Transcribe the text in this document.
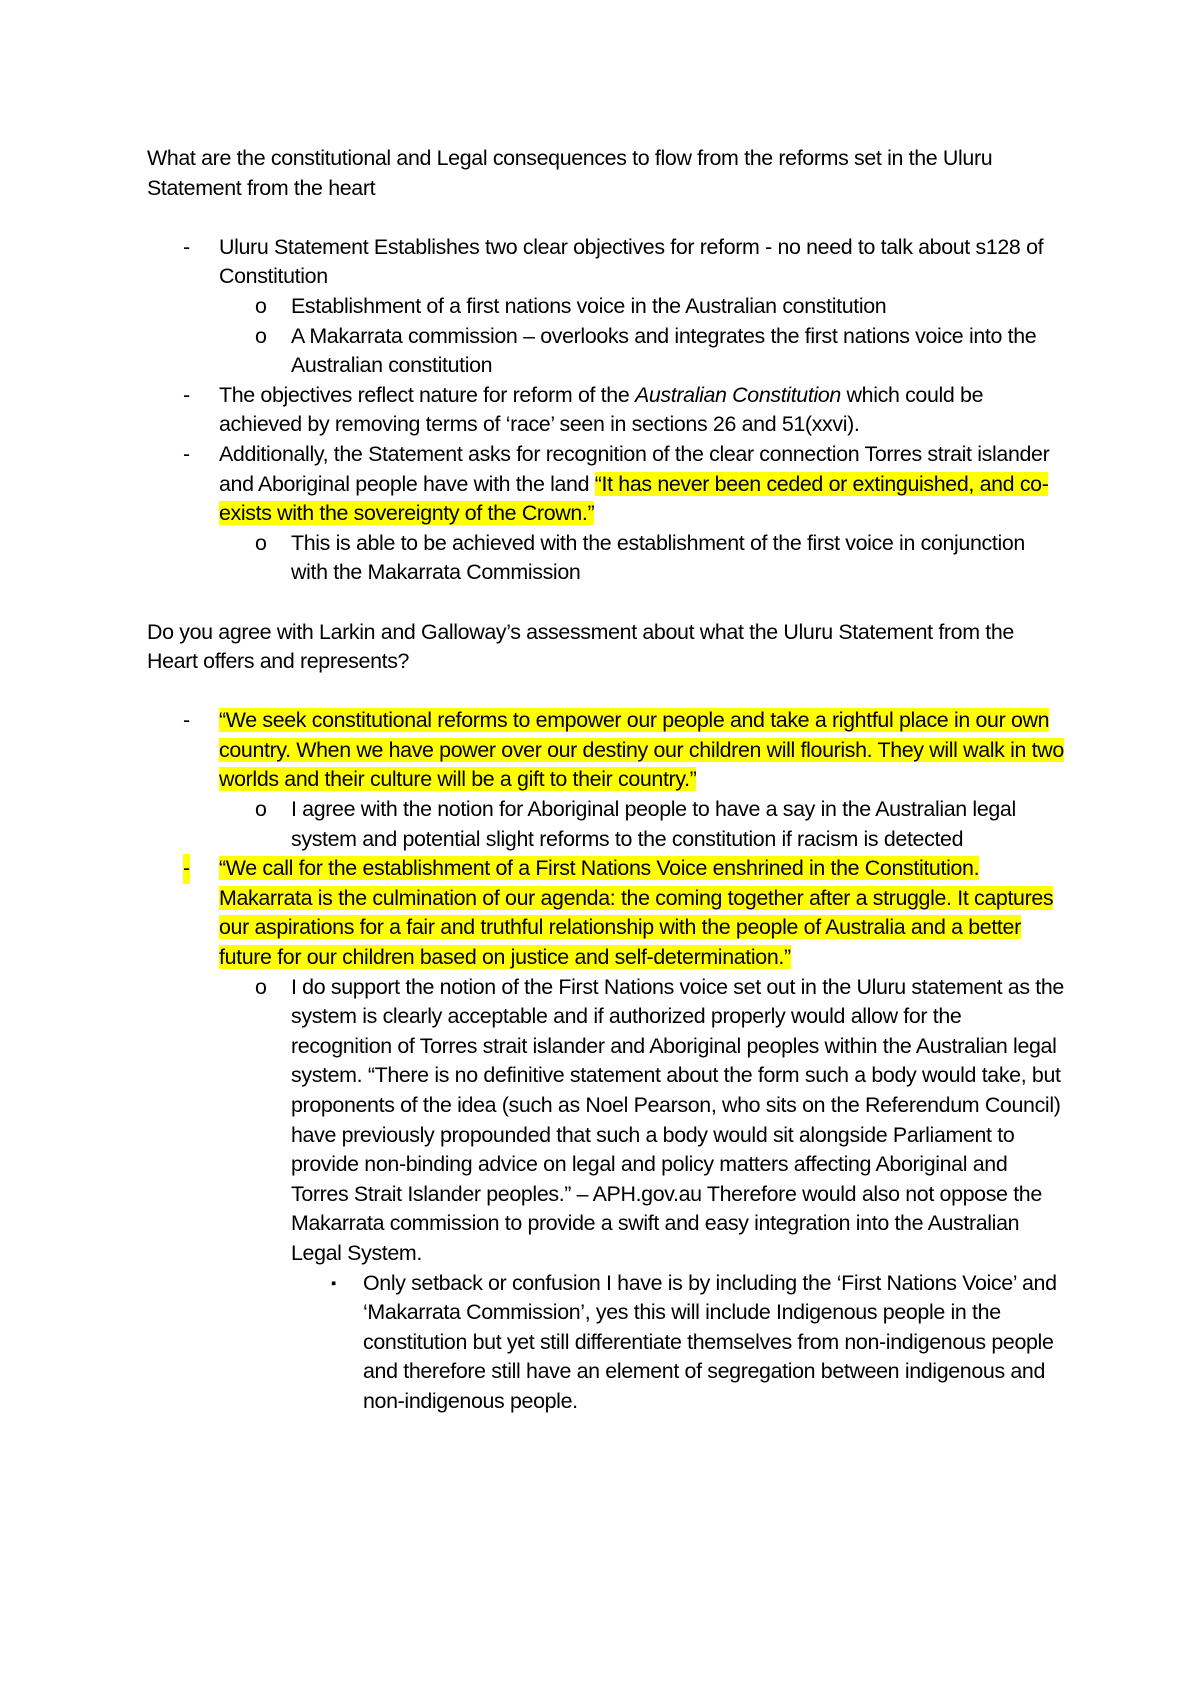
What are the constitutional and Legal consequences to flow from the reforms set in the Uluru Statement from the heart

- Uluru Statement Establishes two clear objectives for reform - no need to talk about s128 of Constitution
o Establishment of a first nations voice in the Australian constitution
o A Makarrata commission – overlooks and integrates the first nations voice into the Australian constitution
- The objectives reflect nature for reform of the Australian Constitution which could be achieved by removing terms of ‘race’ seen in sections 26 and 51(xxvi).
- Additionally, the Statement asks for recognition of the clear connection Torres strait islander and Aboriginal people have with the land “It has never been ceded or extinguished, and co-exists with the sovereignty of the Crown.”
o This is able to be achieved with the establishment of the first voice in conjunction with the Makarrata Commission

Do you agree with Larkin and Galloway’s assessment about what the Uluru Statement from the Heart offers and represents?

- “We seek constitutional reforms to empower our people and take a rightful place in our own country. When we have power over our destiny our children will flourish. They will walk in two worlds and their culture will be a gift to their country.”
o I agree with the notion for Aboriginal people to have a say in the Australian legal system and potential slight reforms to the constitution if racism is detected
- “We call for the establishment of a First Nations Voice enshrined in the Constitution. Makarrata is the culmination of our agenda: the coming together after a struggle. It captures our aspirations for a fair and truthful relationship with the people of Australia and a better future for our children based on justice and self-determination.”
o I do support the notion of the First Nations voice set out in the Uluru statement as the system is clearly acceptable and if authorized properly would allow for the recognition of Torres strait islander and Aboriginal peoples within the Australian legal system. “There is no definitive statement about the form such a body would take, but proponents of the idea (such as Noel Pearson, who sits on the Referendum Council) have previously propounded that such a body would sit alongside Parliament to provide non-binding advice on legal and policy matters affecting Aboriginal and Torres Strait Islander peoples.” – APH.gov.au Therefore would also not oppose the Makarrata commission to provide a swift and easy integration into the Australian Legal System.
▪ Only setback or confusion I have is by including the ‘First Nations Voice’ and ‘Makarrata Commission’, yes this will include Indigenous people in the constitution but yet still differentiate themselves from non-indigenous people and therefore still have an element of segregation between indigenous and non-indigenous people.
